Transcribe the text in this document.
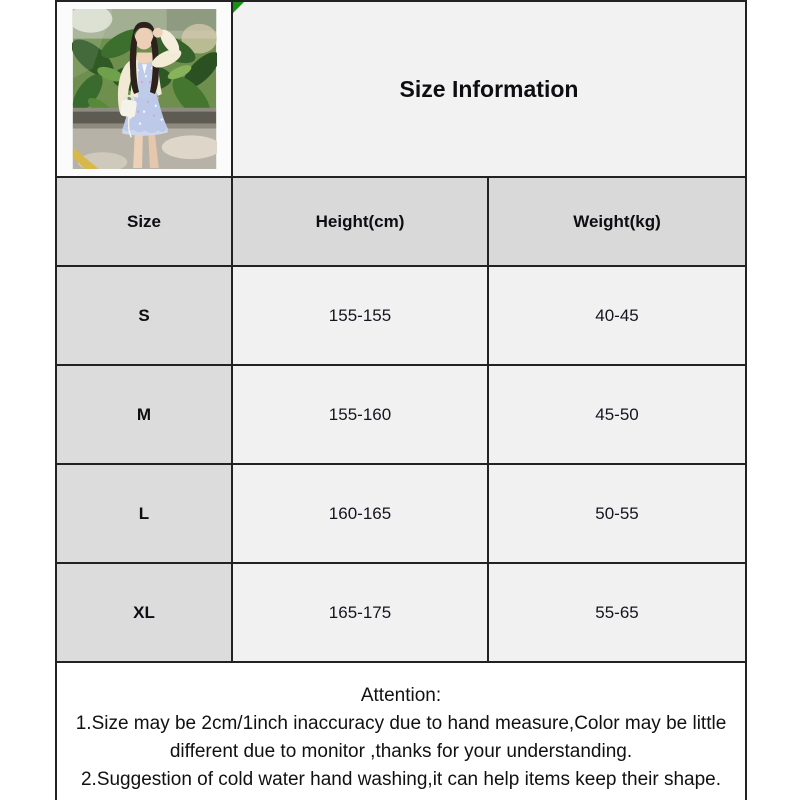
Size Information	
Size	Height(cm)	Weight(kg)
S	155-155	40-45
M	155-160	45-50
L	160-165	50-55
XL	165-175	55-65

Attention:
1.Size may be 2cm/1inch inaccuracy due to hand measure,Color may be little
different due to monitor ,thanks for your understanding.
2.Suggestion of cold water hand washing,it can help items keep their shape.		
